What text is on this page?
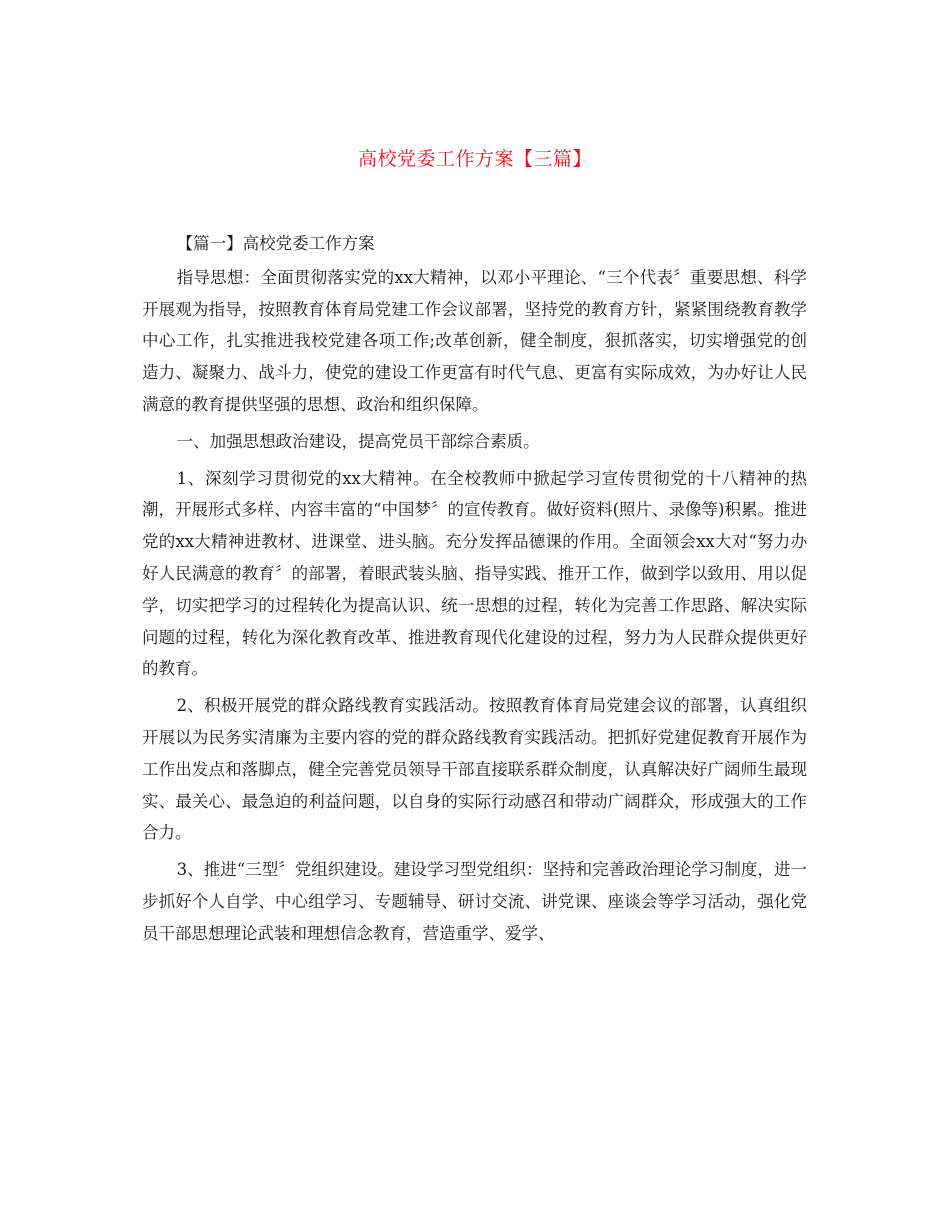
高校党委工作方案【三篇】

【篇一】高校党委工作方案

指导思想：全面贯彻落实党的xx大精神，以邓小平理论、“三个代表〞重要思想、科学开展观为指导，按照教育体育局党建工作会议部署，坚持党的教育方针，紧紧围绕教育教学中心工作，扎实推进我校党建各项工作;改革创新，健全制度，狠抓落实，切实增强党的创造力、凝聚力、战斗力，使党的建设工作更富有时代气息、更富有实际成效，为办好让人民满意的教育提供坚强的思想、政治和组织保障。

一、加强思想政治建设，提高党员干部综合素质。

1、深刻学习贯彻党的xx大精神。在全校教师中掀起学习宣传贯彻党的十八精神的热潮，开展形式多样、内容丰富的“中国梦〞的宣传教育。做好资料(照片、录像等)积累。推进党的xx大精神进教材、进课堂、进头脑。充分发挥品德课的作用。全面领会xx大对“努力办好人民满意的教育〞的部署，着眼武装头脑、指导实践、推开工作，做到学以致用、用以促学，切实把学习的过程转化为提高认识、统一思想的过程，转化为完善工作思路、解决实际问题的过程，转化为深化教育改革、推进教育现代化建设的过程，努力为人民群众提供更好的教育。

2、积极开展党的群众路线教育实践活动。按照教育体育局党建会议的部署，认真组织开展以为民务实清廉为主要内容的党的群众路线教育实践活动。把抓好党建促教育开展作为工作出发点和落脚点，健全完善党员领导干部直接联系群众制度，认真解决好广阔师生最现实、最关心、最急迫的利益问题，以自身的实际行动感召和带动广阔群众，形成强大的工作合力。

3、推进“三型〞党组织建设。建设学习型党组织：坚持和完善政治理论学习制度，进一步抓好个人自学、中心组学习、专题辅导、研讨交流、讲党课、座谈会等学习活动，强化党员干部思想理论武装和理想信念教育，营造重学、爱学、
